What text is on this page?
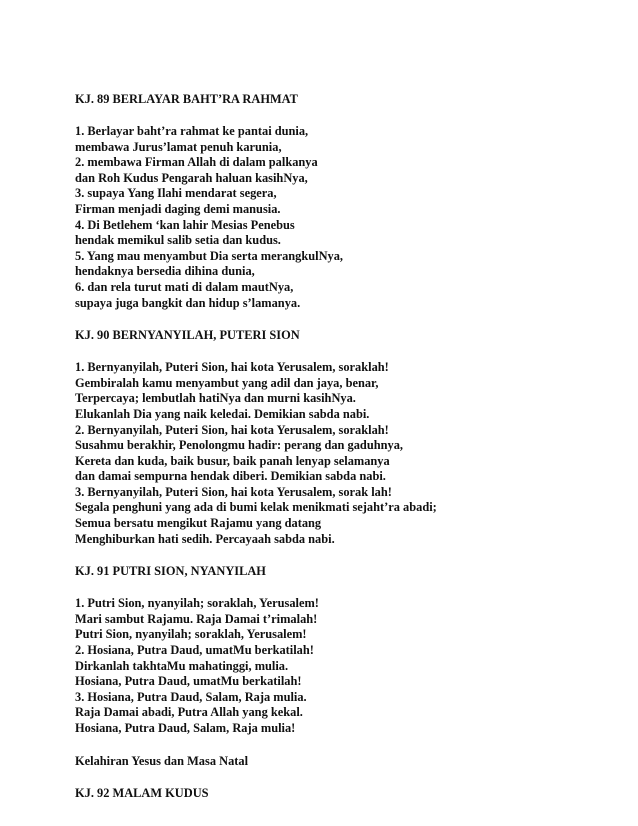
KJ. 89 BERLAYAR BAHT’RA RAHMAT
1. Berlayar baht’ra rahmat ke pantai dunia,
membawa Jurus’lamat penuh karunia,
2. membawa Firman Allah di dalam palkanya
dan Roh Kudus Pengarah haluan kasihNya,
3. supaya Yang Ilahi mendarat segera,
Firman menjadi daging demi manusia.
4. Di Betlehem ‘kan lahir Mesias Penebus
hendak memikul salib setia dan kudus.
5. Yang mau menyambut Dia serta merangkulNya,
hendaknya bersedia dihina dunia,
6. dan rela turut mati di dalam mautNya,
supaya juga bangkit dan hidup s’lamanya.
KJ. 90 BERNYANYILAH, PUTERI SION
1. Bernyanyilah, Puteri Sion, hai kota Yerusalem, soraklah!
Gembiralah kamu menyambut yang adil dan jaya, benar,
Terpercaya; lembutlah hatiNya dan murni kasihNya.
Elukanlah Dia yang naik keledai. Demikian sabda nabi.
2. Bernyanyilah, Puteri Sion, hai kota Yerusalem, soraklah!
Susahmu berakhir, Penolongmu hadir: perang dan gaduhnya,
Kereta dan kuda, baik busur, baik panah lenyap selamanya
dan damai sempurna hendak diberi. Demikian sabda nabi.
3. Bernyanyilah, Puteri Sion, hai kota Yerusalem, sorak lah!
Segala penghuni yang ada di bumi kelak menikmati sejaht’ra abadi;
Semua bersatu mengikut Rajamu yang datang
Menghiburkan hati sedih. Percayaah sabda nabi.
KJ. 91 PUTRI SION, NYANYILAH
1. Putri Sion, nyanyilah; soraklah, Yerusalem!
Mari sambut Rajamu. Raja Damai t’rimalah!
Putri Sion, nyanyilah; soraklah, Yerusalem!
2. Hosiana, Putra Daud, umatMu berkatilah!
Dirkanlah takhtaMu mahatinggi, mulia.
Hosiana, Putra Daud, umatMu berkatilah!
3. Hosiana, Putra Daud, Salam, Raja mulia.
Raja Damai abadi, Putra Allah yang kekal.
Hosiana, Putra Daud, Salam, Raja mulia!
Kelahiran Yesus dan Masa Natal
KJ. 92 MALAM KUDUS
